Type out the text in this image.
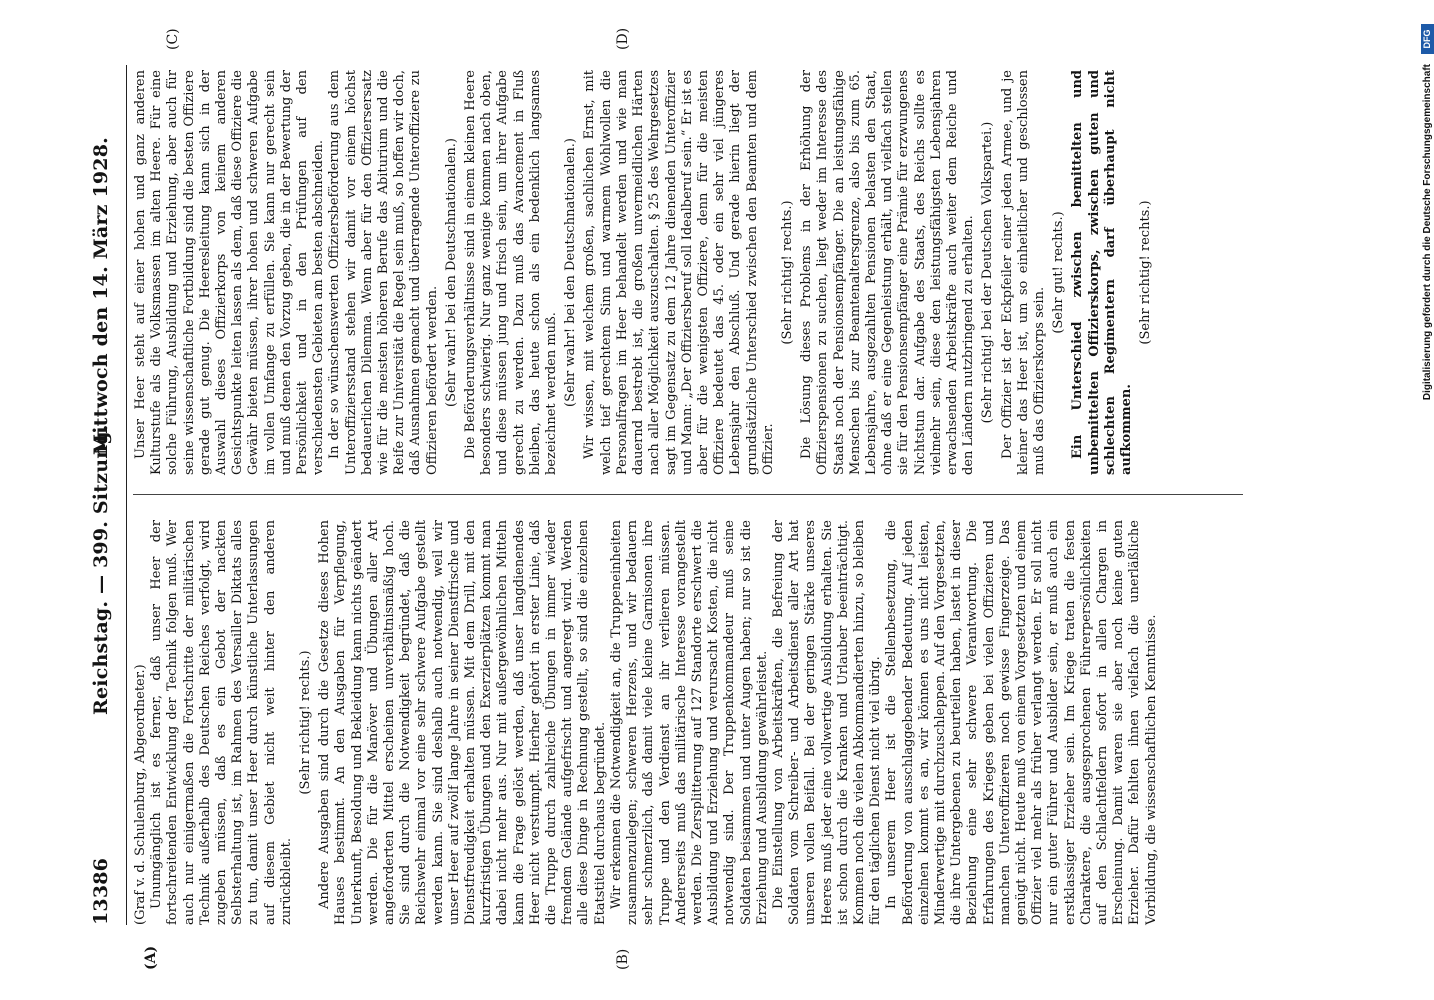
13386
Reichstag. — 399. Sitzung.
Mittwoch den 14. März 1928.
(A)	(B)
(C)	(D)

(Graf v. d. Schulenburg, Abgeordneter.) Unumgänglich ist es ferner, daß unser Heer der fortschreitenden Entwicklung der Technik folgen muß. Wer auch nur einigermaßen die Fortschritte der militärischen Technik außerhalb des Deutschen Reiches verfolgt, wird zugeben müssen, daß es ein Gebot der nackten Selbsterhaltung ist, im Rahmen des Versailler Diktats alles zu tun, damit unser Heer durch künstliche Unterlassungen auf diesem Gebiet nicht weit hinter den anderen zurückbleibt.

(Sehr richtig! rechts.) Andere Ausgaben sind durch die Gesetze dieses Hohen Hauses bestimmt. An den Ausgaben für Verpflegung, Unterkunft, Besoldung und Bekleidung kann nichts geändert werden. Die für die Manöver und Übungen aller Art angeforderten Mittel erscheinen unverhältnismäßig hoch. Sie sind durch die Notwendigkeit begründet, daß die Reichswehr einmal vor eine sehr schwere Aufgabe gestellt werden kann. Sie sind deshalb auch notwendig, weil wir unser Heer auf zwölf lange Jahre in seiner Dienstfrische und Dienstfreudigkeit erhalten müssen. Mit dem Drill, mit den kurzfristigen Übungen und den Exerzierplätzen kommt man dabei nicht mehr aus. Nur mit außergewöhnlichen Mitteln kann die Frage gelöst werden, daß unser langdienendes Heer nicht verstumpft. Hierher gehört in erster Linie, daß die Truppe durch zahlreiche Übungen in immer wieder fremdem Gelände aufgefrischt und angeregt wird. Werden alle diese Dinge in Rechnung gestellt, so sind die einzelnen Etatstitel durchaus begründet. Wir erkennen die Notwendigkeit an, die Truppeneinheiten zusammenzulegen; schweren Herzens, und wir bedauern sehr schmerzlich, daß damit viele kleine Garnisonen ihre Truppe und den Verdienst an ihr verlieren müssen. Andererseits muß das militärische Interesse vorangestellt werden. Die Zersplitterung auf 127 Standorte erschwert die Ausbildung und Erziehung und verursacht Kosten, die nicht notwendig sind. Der Truppenkommandeur muß seine Soldaten beisammen und unter Augen haben; nur so ist die Erziehung und Ausbildung gewährleistet. Die Einstellung von Arbeitskräften, die Befreiung der Soldaten vom Schreiber- und Arbeitsdienst aller Art hat unseren vollen Beifall. Bei der geringen Stärke unseres Heeres muß jeder eine vollwertige Ausbildung erhalten. Sie ist schon durch die Kranken und Urlauber beeinträchtigt. Kommen noch die vielen Abkommandierten hinzu, so bleiben für den täglichen Dienst nicht viel übrig. In unserem Heer ist die Stellenbesetzung, die Beförderung von ausschlaggebender Bedeutung. Auf jeden einzelnen kommt es an, wir können es uns nicht leisten, Minderwertige mit durchzuschleppen. Auf den Vorgesetzten, die ihre Untergebenen zu beurteilen haben, lastet in dieser Beziehung eine sehr schwere Verantwortung. Die Erfahrungen des Krieges geben bei vielen Offizieren und manchen Unteroffizieren noch gewisse Fingerzeige. Das genügt nicht. Heute muß von einem Vorgesetzten und einem Offizier viel mehr als früher verlangt werden. Er soll nicht nur ein guter Führer und Ausbilder sein, er muß auch ein erstklassiger Erzieher sein. Im Kriege traten die festen Charaktere, die ausgesprochenen Führerpersönlichkeiten auf den Schlachtfeldern sofort in allen Chargen in Erscheinung. Damit waren sie aber noch keine guten Erzieher. Dafür fehlten ihnen vielfach die unerläßliche Vorbildung, die wissenschaftlichen Kenntnisse.

Unser Heer steht auf einer hohen und ganz anderen Kulturstufe als die Volksmassen im alten Heere. Für eine solche Führung, Ausbildung und Erziehung, aber auch für seine wissenschaftliche Fortbildung sind die besten Offiziere gerade gut genug. Die Heeresleitung kann sich in der Auswahl dieses Offizierkorps von keinem anderen Gesichtspunkte leiten lassen als dem, daß diese Offiziere die Gewähr bieten müssen, ihrer hohen und schweren Aufgabe im vollen Umfange zu erfüllen. Sie kann nur gerecht sein und muß denen den Vorzug geben, die in der Bewertung der Persönlichkeit und in den Prüfungen auf den verschiedensten Gebieten am besten abschneiden. In der so wünschenswerten Offiziersbeförderung aus dem Unteroffiziersstand stehen wir damit vor einem höchst bedauerlichen Dilemma. Wenn aber für den Offiziersersatz wie für die meisten höheren Berufe das Abiturium und die Reife zur Universität die Regel sein muß, so hoffen wir doch, daß Ausnahmen gemacht und überragende Unteroffiziere zu Offizieren befördert werden. (Sehr wahr! bei den Deutschnationalen.) Die Beförderungsverhältnisse sind in einem kleinen Heere besonders schwierig. Nur ganz wenige kommen nach oben, und diese müssen jung und frisch sein, um ihrer Aufgabe gerecht zu werden. Dazu muß das Avancement in Fluß bleiben, das heute schon als ein bedenklich langsames bezeichnet werden muß. (Sehr wahr! bei den Deutschnationalen.) Wir wissen, mit welchem großen, sachlichen Ernst, mit welch tief gerechtem Sinn und warmem Wohlwollen die Personalfragen im Heer behandelt werden und wie man dauernd bestrebt ist, die großen unvermeidlichen Härten nach aller Möglichkeit auszuschalten. § 25 des Wehrgesetzes sagt im Gegensatz zu dem 12 Jahre dienenden Unteroffizier und Mann: „Der Offiziersberuf soll Idealberuf sein.“ Er ist es aber für die wenigsten Offiziere, denn für die meisten Offiziere bedeutet das 45. oder ein sehr viel jüngeres Lebensjahr den Abschluß. Und gerade hierin liegt der grundsätzliche Unterschied zwischen den Beamten und dem Offizier.

(Sehr richtig! rechts.) Die Lösung dieses Problems in der Erhöhung der Offizierspensionen zu suchen, liegt weder im Interesse des Staats noch der Pensionsempfänger. Die an leistungsfähige Menschen bis zur Beamtenaltersgrenze, also bis zum 65. Lebensjahre, ausgezahlten Pensionen belasten den Staat, ohne daß er eine Gegenleistung erhält, und vielfach stellen sie für den Pensionsempfänger eine Prämie für erzwungenes Nichtstun dar. Aufgabe des Staats, des Reichs sollte es vielmehr sein, diese den leistungsfähigsten Lebensjahren erwachsenden Arbeitskräfte auch weiter dem Reiche und den Ländern nutzbringend zu erhalten. (Sehr richtig! bei der Deutschen Volkspartei.) Der Offizier ist der Eckpfeiler einer jeden Armee, und je kleiner das Heer ist, um so einheitlicher und geschlossen muß das Offizierskorps sein.

(Sehr gut! rechts.) Ein Unterschied zwischen bemittelten und unbemittelten Offizierskorps, zwischen guten und schlechten Regimentern darf überhaupt nicht aufkommen.

(Sehr richtig! rechts.)	Digitalisierung gefördert durch die Deutsche Forschungsgemeinschaft
DFG
